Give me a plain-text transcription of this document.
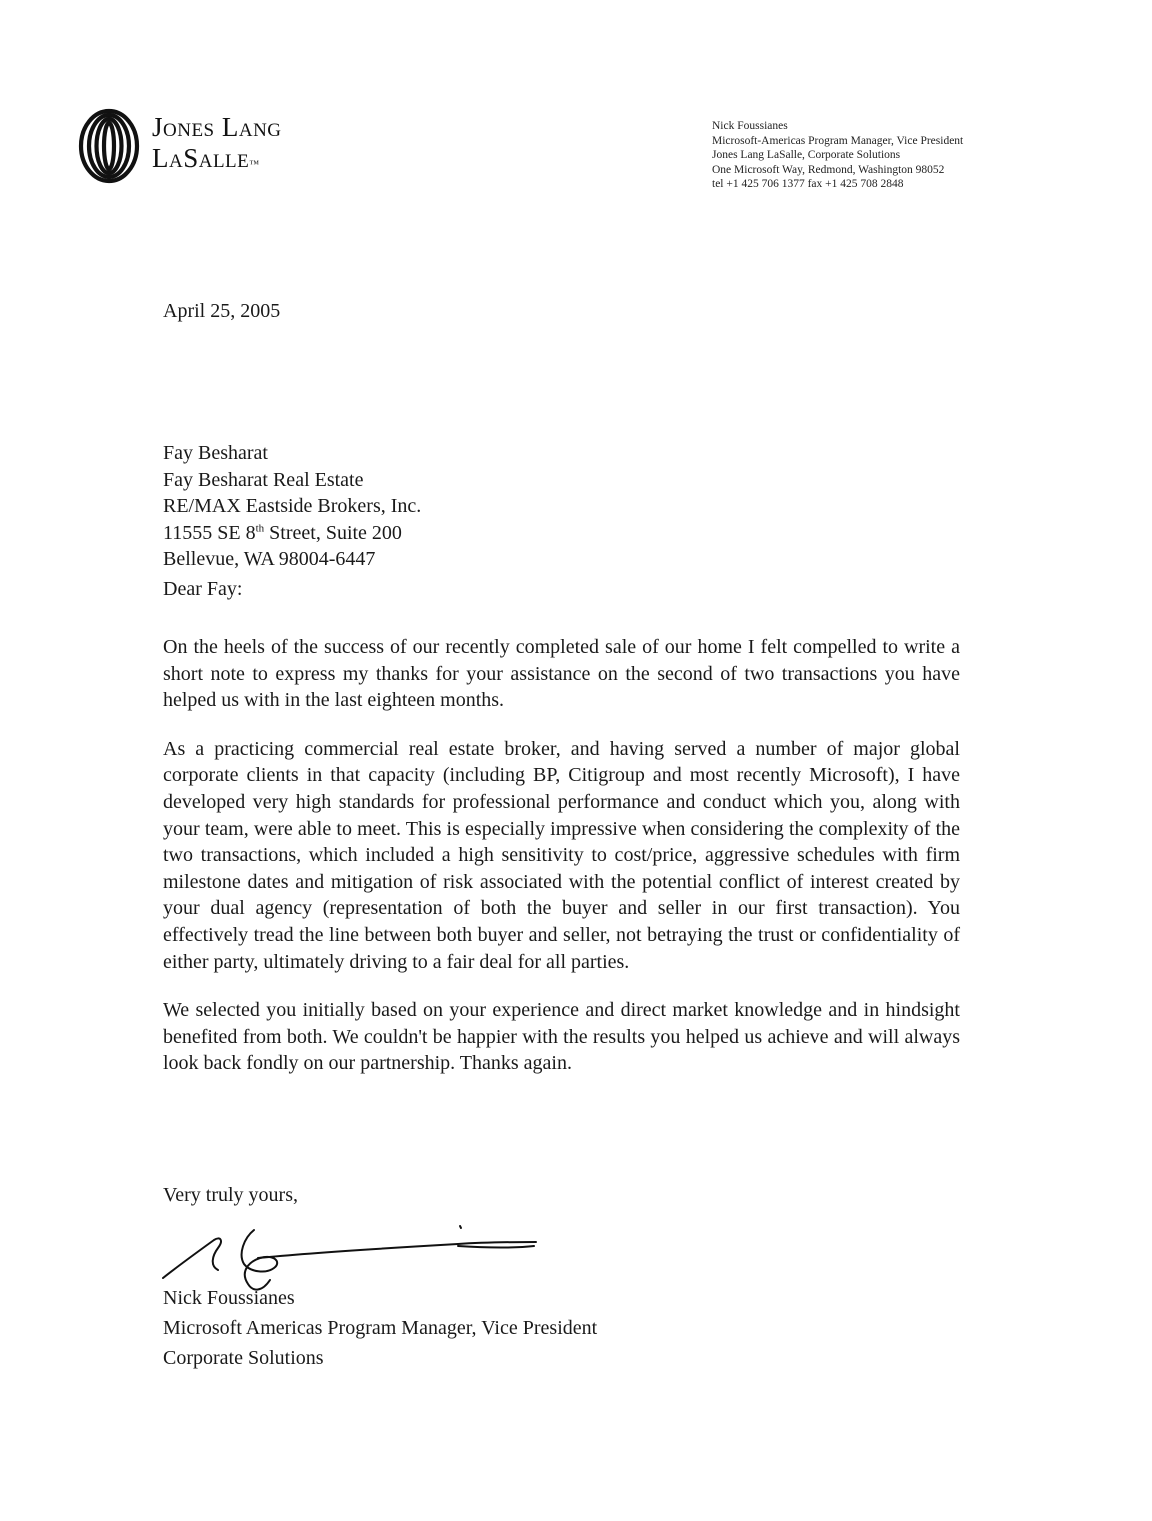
Jones Lang
LaSalle™
Nick Foussianes
Microsoft-Americas Program Manager, Vice President
Jones Lang LaSalle, Corporate Solutions
One Microsoft Way, Redmond, Washington 98052
tel +1 425 706 1377 fax +1 425 708 2848
April 25, 2005
Fay Besharat
Fay Besharat Real Estate
RE/MAX Eastside Brokers, Inc.
11555 SE 8th Street, Suite 200
Bellevue, WA 98004-6447
Dear Fay:

On the heels of the success of our recently completed sale of our home I felt compelled to write a short note to express my thanks for your assistance on the second of two transactions you have helped us with in the last eighteen months.

As a practicing commercial real estate broker, and having served a number of major global corporate clients in that capacity (including BP, Citigroup and most recently Microsoft), I have developed very high standards for professional performance and conduct which you, along with your team, were able to meet. This is especially impressive when considering the complexity of the two transactions, which included a high sensitivity to cost/price, aggressive schedules with firm milestone dates and mitigation of risk associated with the potential conflict of interest created by your dual agency (representation of both the buyer and seller in our first transaction). You effectively tread the line between both buyer and seller, not betraying the trust or confidentiality of either party, ultimately driving to a fair deal for all parties.

We selected you initially based on your experience and direct market knowledge and in hindsight benefited from both. We couldn't be happier with the results you helped us achieve and will always look back fondly on our partnership. Thanks again.

Very truly yours,
Nick Foussianes
Microsoft Americas Program Manager, Vice President
Corporate Solutions
